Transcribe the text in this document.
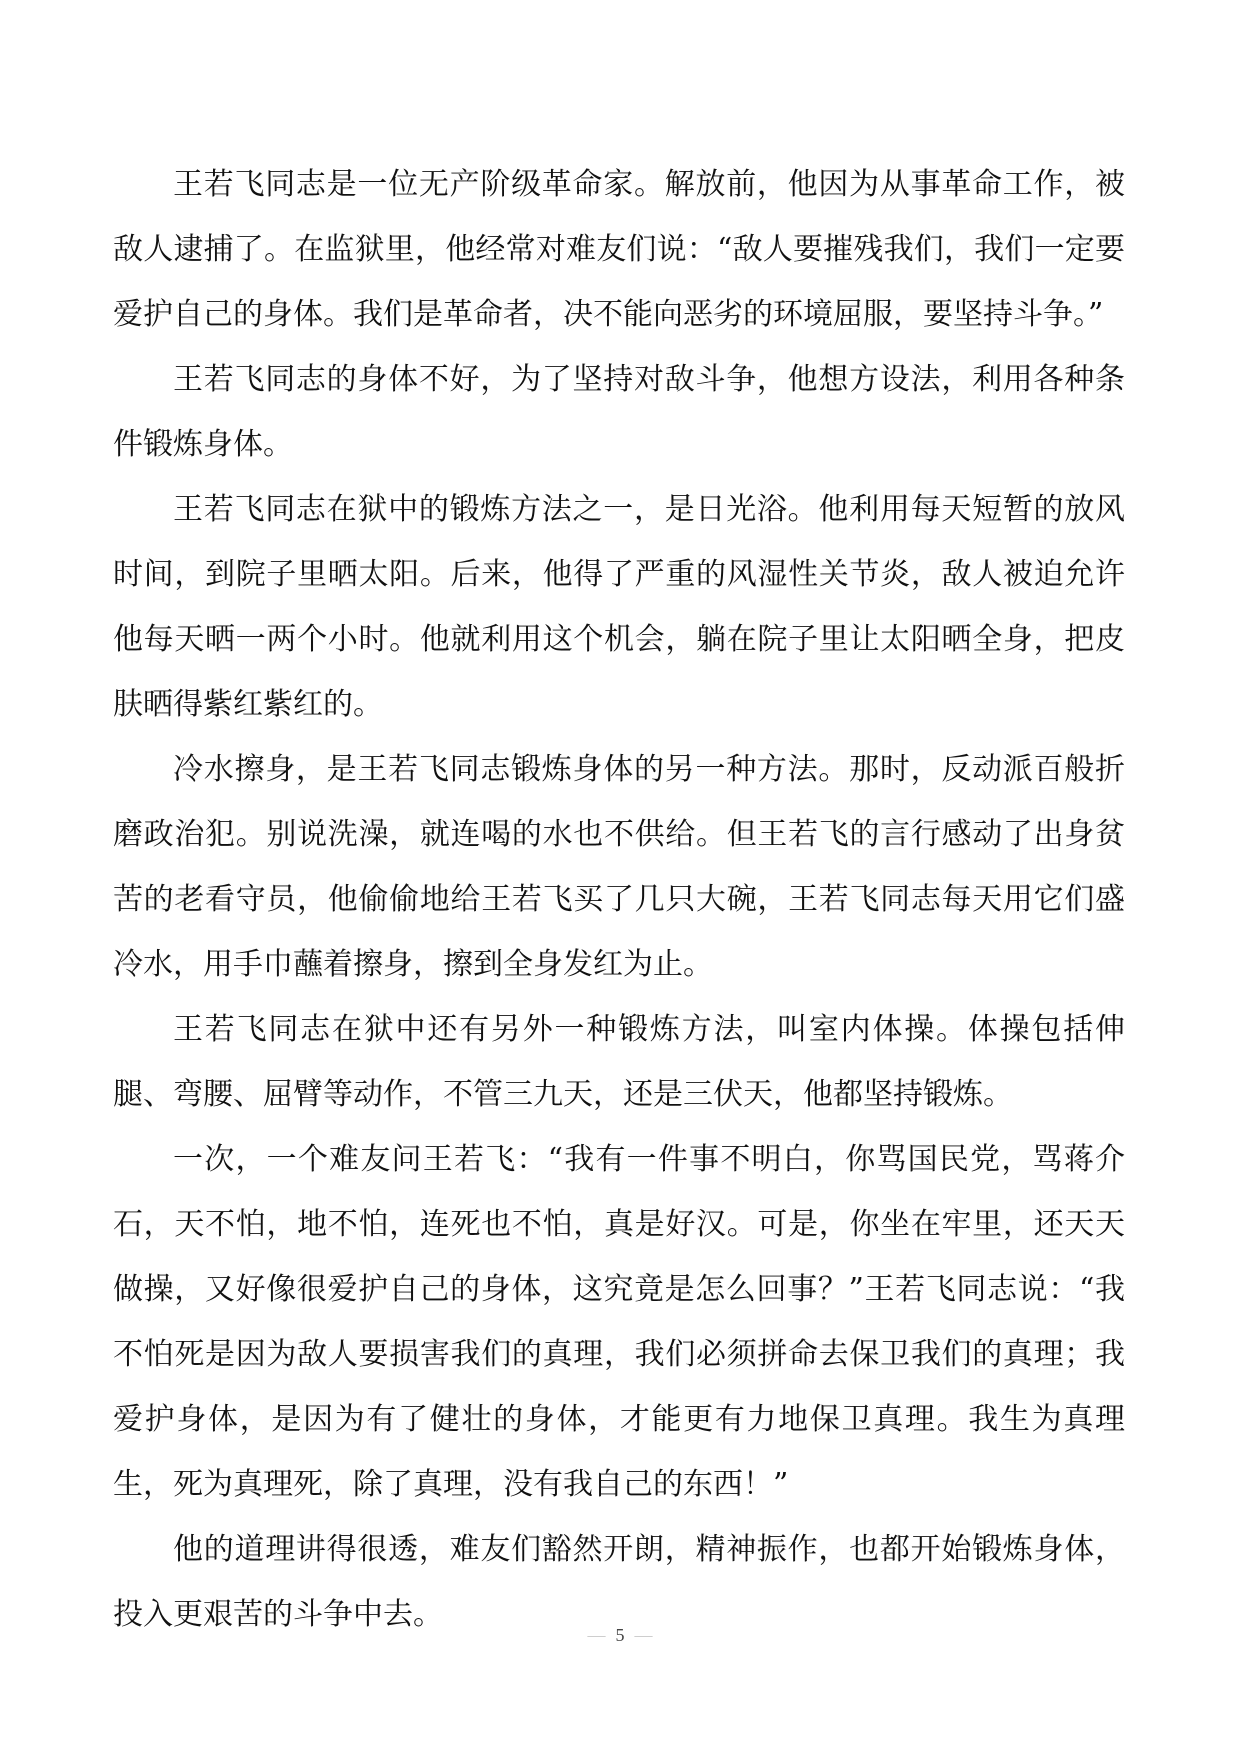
王若飞同志是一位无产阶级革命家。解放前，他因为从事革命工作，被敌人逮捕了。在监狱里，他经常对难友们说：“敌人要摧残我们，我们一定要爱护自己的身体。我们是革命者，决不能向恶劣的环境屈服，要坚持斗争。”

王若飞同志的身体不好，为了坚持对敌斗争，他想方设法，利用各种条件锻炼身体。

王若飞同志在狱中的锻炼方法之一，是日光浴。他利用每天短暂的放风时间，到院子里晒太阳。后来，他得了严重的风湿性关节炎，敌人被迫允许他每天晒一两个小时。他就利用这个机会，躺在院子里让太阳晒全身，把皮肤晒得紫红紫红的。

冷水擦身，是王若飞同志锻炼身体的另一种方法。那时，反动派百般折磨政治犯。别说洗澡，就连喝的水也不供给。但王若飞的言行感动了出身贫苦的老看守员，他偷偷地给王若飞买了几只大碗，王若飞同志每天用它们盛冷水，用手巾蘸着擦身，擦到全身发红为止。

王若飞同志在狱中还有另外一种锻炼方法，叫室内体操。体操包括伸腿、弯腰、屈臂等动作，不管三九天，还是三伏天，他都坚持锻炼。

一次，一个难友问王若飞：“我有一件事不明白，你骂国民党，骂蒋介石，天不怕，地不怕，连死也不怕，真是好汉。可是，你坐在牢里，还天天做操，又好像很爱护自己的身体，这究竟是怎么回事？”王若飞同志说：“我不怕死是因为敌人要损害我们的真理，我们必须拼命去保卫我们的真理；我爱护身体，是因为有了健壮的身体，才能更有力地保卫真理。我生为真理生，死为真理死，除了真理，没有我自己的东西！”

他的道理讲得很透，难友们豁然开朗，精神振作，也都开始锻炼身体，投入更艰苦的斗争中去。

— 5 —
